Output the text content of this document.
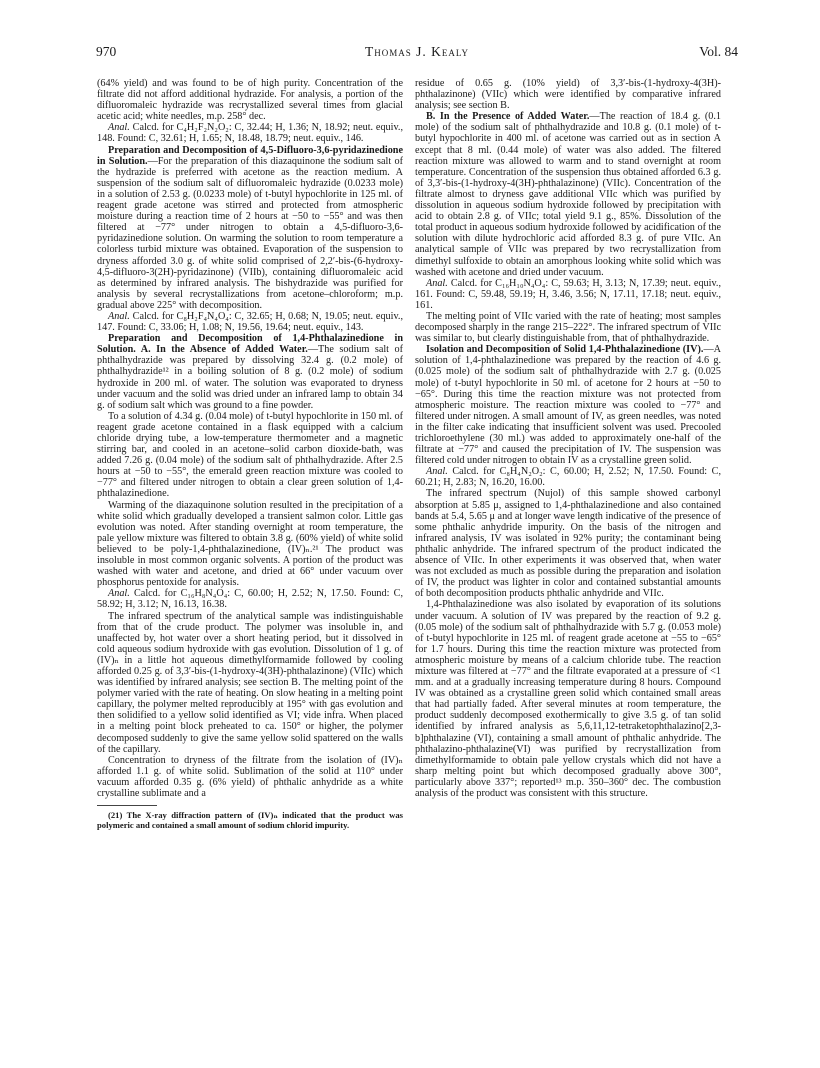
970	Thomas J. Kealy	Vol. 84

(64% yield) and was found to be of high purity. Concentration of the filtrate did not afford additional hydrazide. For analysis, a portion of the difluoromaleic hydrazide was recrystallized several times from glacial acetic acid; white needles, m.p. 258° dec.

Anal. Calcd. for C₄H₂F₂N₂O₂: C, 32.44; H, 1.36; N, 18.92; neut. equiv., 148. Found: C, 32.61; H, 1.65; N, 18.48, 18.79; neut. equiv., 146.

Preparation and Decomposition of 4,5-Difluoro-3,6-pyridazinedione in Solution.—For the preparation of this diazaquinone the sodium salt of the hydrazide is preferred with acetone as the reaction medium. A suspension of the sodium salt of difluoromaleic hydrazide (0.0233 mole) in a solution of 2.53 g. (0.0233 mole) of t-butyl hypochlorite in 125 ml. of reagent grade acetone was stirred and protected from atmospheric moisture during a reaction time of 2 hours at −50 to −55° and was then filtered at −77° under nitrogen to obtain a 4,5-difluoro-3,6-pyridazinedione solution. On warming the solution to room temperature a colorless turbid mixture was obtained. Evaporation of the suspension to dryness afforded 3.0 g. of white solid comprised of 2,2′-bis-(6-hydroxy-4,5-difluoro-3(2H)-pyridazinone) (VIIb), containing difluoromaleic acid as determined by infrared analysis. The bishydrazide was purified for analysis by several recrystallizations from acetone–chloroform; m.p. gradual above 225° with decomposition.

Anal. Calcd. for C₈H₂F₄N₄O₄: C, 32.65; H, 0.68; N, 19.05; neut. equiv., 147. Found: C, 33.06; H, 1.08; N, 19.56, 19.64; neut. equiv., 143.

Preparation and Decomposition of 1,4-Phthalazinedione in Solution. A. In the Absence of Added Water.—The sodium salt of phthalhydrazide was prepared by dissolving 32.4 g. (0.2 mole) of phthalhydrazide¹² in a boiling solution of 8 g. (0.2 mole) of sodium hydroxide in 200 ml. of water. The solution was evaporated to dryness under vacuum and the solid was dried under an infrared lamp to obtain 34 g. of sodium salt which was ground to a fine powder.

To a solution of 4.34 g. (0.04 mole) of t-butyl hypochlorite in 150 ml. of reagent grade acetone contained in a flask equipped with a calcium chloride drying tube, a low-temperature thermometer and a magnetic stirring bar, and cooled in an acetone–solid carbon dioxide-bath, was added 7.26 g. (0.04 mole) of the sodium salt of phthalhydrazide. After 2.5 hours at −50 to −55°, the emerald green reaction mixture was cooled to −77° and filtered under nitrogen to obtain a clear green solution of 1,4-phthalazinedione.

Warming of the diazaquinone solution resulted in the precipitation of a white solid which gradually developed a transient salmon color. Little gas evolution was noted. After standing overnight at room temperature, the pale yellow mixture was filtered to obtain 3.8 g. (60% yield) of white solid believed to be poly-1,4-phthalazinedione, (IV)ₙ.²¹ The product was insoluble in most common organic solvents. A portion of the product was washed with water and acetone, and dried at 66° under vacuum over phosphorus pentoxide for analysis.

Anal. Calcd. for C₁₆H₈N₄O₄: C, 60.00; H, 2.52; N, 17.50. Found: C, 58.92; H, 3.12; N, 16.13, 16.38.

The infrared spectrum of the analytical sample was indistinguishable from that of the crude product. The polymer was insoluble in, and unaffected by, hot water over a short heating period, but it dissolved in cold aqueous sodium hydroxide with gas evolution. Dissolution of 1 g. of (IV)ₙ in a little hot aqueous dimethylformamide followed by cooling afforded 0.25 g. of 3,3′-bis-(1-hydroxy-4(3H)-phthalazinone) (VIIc) which was identified by infrared analysis; see section B. The melting point of the polymer varied with the rate of heating. On slow heating in a melting point capillary, the polymer melted reproducibly at 195° with gas evolution and then solidified to a yellow solid identified as VI; vide infra. When placed in a melting point block preheated to ca. 150° or higher, the polymer decomposed suddenly to give the same yellow solid spattered on the walls of the capillary.

Concentration to dryness of the filtrate from the isolation of (IV)ₙ afforded 1.1 g. of white solid. Sublimation of the solid at 110° under vacuum afforded 0.35 g. (6% yield) of phthalic anhydride as a white crystalline sublimate and a

(21) The X-ray diffraction pattern of (IV)ₙ indicated that the product was polymeric and contained a small amount of sodium chlorid impurity.

residue of 0.65 g. (10% yield) of 3,3′-bis-(1-hydroxy-4(3H)-phthalazinone) (VIIc) which were identified by comparative infrared analysis; see section B.

B. In the Presence of Added Water.—The reaction of 18.4 g. (0.1 mole) of the sodium salt of phthalhydrazide and 10.8 g. (0.1 mole) of t-butyl hypochlorite in 400 ml. of acetone was carried out as in section A except that 8 ml. (0.44 mole) of water was also added. The filtered reaction mixture was allowed to warm and to stand overnight at room temperature. Concentration of the suspension thus obtained afforded 6.3 g. of 3,3′-bis-(1-hydroxy-4(3H)-phthalazinone) (VIIc). Concentration of the filtrate almost to dryness gave additional VIIc which was purified by dissolution in aqueous sodium hydroxide followed by precipitation with acid to obtain 2.8 g. of VIIc; total yield 9.1 g., 85%. Dissolution of the total product in aqueous sodium hydroxide followed by acidification of the solution with dilute hydrochloric acid afforded 8.3 g. of pure VIIc. An analytical sample of VIIc was prepared by two recrystallization from dimethyl sulfoxide to obtain an amorphous looking white solid which was washed with acetone and dried under vacuum.

Anal. Calcd. for C₁₆H₁₀N₄O₄: C, 59.63; H, 3.13; N, 17.39; neut. equiv., 161. Found: C, 59.48, 59.19; H, 3.46, 3.56; N, 17.11, 17.18; neut. equiv., 161.

The melting point of VIIc varied with the rate of heating; most samples decomposed sharply in the range 215–222°. The infrared spectrum of VIIc was similar to, but clearly distinguishable from, that of phthalhydrazide.

Isolation and Decomposition of Solid 1,4-Phthalazinedione (IV).—A solution of 1,4-phthalazinedione was prepared by the reaction of 4.6 g. (0.025 mole) of the sodium salt of phthalhydrazide with 2.7 g. (0.025 mole) of t-butyl hypochlorite in 50 ml. of acetone for 2 hours at −50 to −65°. During this time the reaction mixture was not protected from atmospheric moisture. The reaction mixture was cooled to −77° and filtered under nitrogen. A small amount of IV, as green needles, was noted in the filter cake indicating that insufficient solvent was used. Precooled trichloroethylene (30 ml.) was added to approximately one-half of the filtrate at −77° and caused the precipitation of IV. The suspension was filtered cold under nitrogen to obtain IV as a crystalline green solid.

Anal. Calcd. for C₈H₄N₂O₂: C, 60.00; H, 2.52; N, 17.50. Found: C, 60.21; H, 2.83; N, 16.20, 16.00.

The infrared spectrum (Nujol) of this sample showed carbonyl absorption at 5.85 μ, assigned to 1,4-phthalazinedione and also contained bands at 5.4, 5.65 μ and at longer wave length indicative of the presence of some phthalic anhydride impurity. On the basis of the nitrogen and infrared analysis, IV was isolated in 92% purity; the contaminant being phthalic anhydride. The infrared spectrum of the product indicated the absence of VIIc. In other experiments it was observed that, when water was not excluded as much as possible during the preparation and isolation of IV, the product was lighter in color and contained substantial amounts of both decomposition products phthalic anhydride and VIIc.

1,4-Phthalazinedione was also isolated by evaporation of its solutions under vacuum. A solution of IV was prepared by the reaction of 9.2 g. (0.05 mole) of the sodium salt of phthalhydrazide with 5.7 g. (0.053 mole) of t-butyl hypochlorite in 125 ml. of reagent grade acetone at −55 to −65° for 1.7 hours. During this time the reaction mixture was protected from atmospheric moisture by means of a calcium chloride tube. The reaction mixture was filtered at −77° and the filtrate evaporated at a pressure of <1 mm. and at a gradually increasing temperature during 8 hours. Compound IV was obtained as a crystalline green solid which contained small areas that had partially faded. After several minutes at room temperature, the product suddenly decomposed exothermically to give 3.5 g. of tan solid identified by infrared analysis as 5,6,11,12-tetraketophthalazino[2,3-b]phthalazine (VI), containing a small amount of phthalic anhydride. The phthalazino-phthalazine(VI) was purified by recrystallization from dimethylformamide to obtain pale yellow crystals which did not have a sharp melting point but which decomposed gradually above 300°, particularly above 337°; reported¹³ m.p. 350–360° dec. The combustion analysis of the product was consistent with this structure.
